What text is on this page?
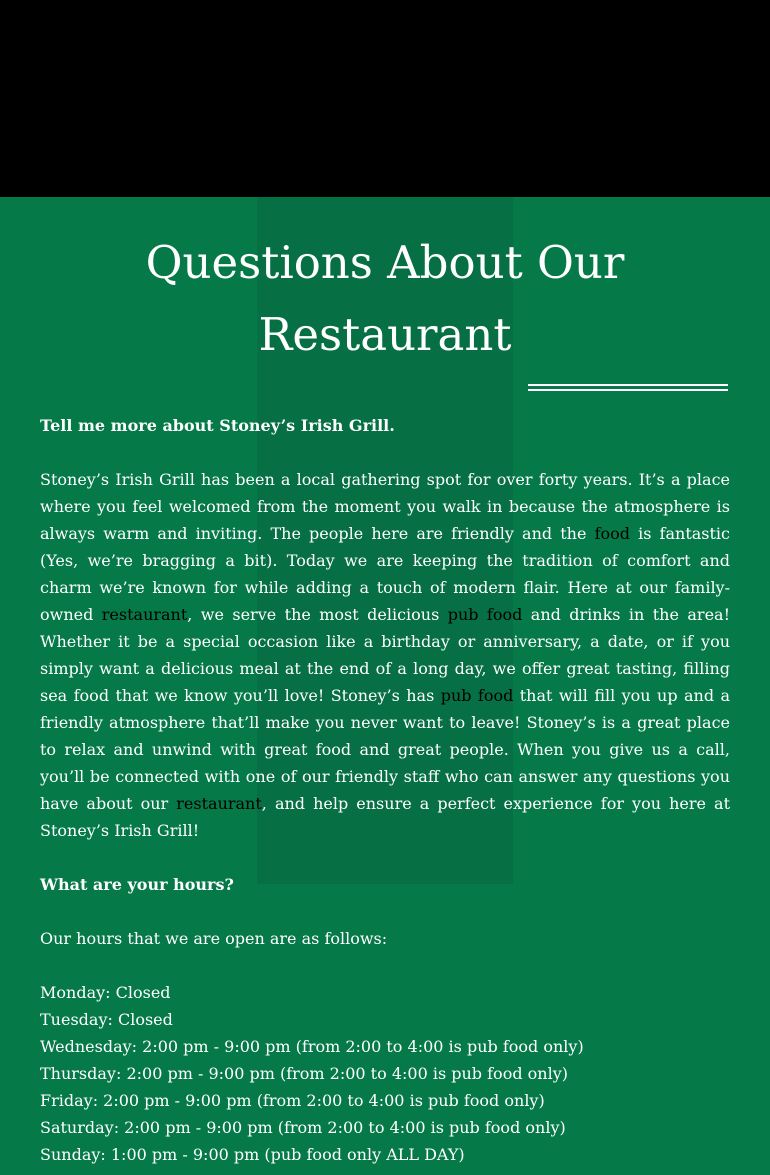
Questions About Our
Restaurant

Tell me more about Stoney’s Irish Grill.

Stoney’s Irish Grill has been a local gathering spot for over forty years. It’s a place where you feel welcomed from the moment you walk in because the atmosphere is always warm and inviting. The people here are friendly and the food is fantastic (Yes, we’re bragging a bit). Today we are keeping the tradition of comfort and charm we’re known for while adding a touch of modern flair. Here at our family-owned restaurant, we serve the most delicious pub food and drinks in the area! Whether it be a special occasion like a birthday or anniversary, a date, or if you simply want a delicious meal at the end of a long day, we offer great tasting, filling sea food that we know you’ll love! Stoney’s has pub food that will fill you up and a friendly atmosphere that’ll make you never want to leave! Stoney’s is a great place to relax and unwind with great food and great people. When you give us a call, you’ll be connected with one of our friendly staff who can answer any questions you have about our restaurant, and help ensure a perfect experience for you here at Stoney’s Irish Grill!

What are your hours?

Our hours that we are open are as follows:

Monday: Closed

Tuesday: Closed

Wednesday: 2:00 pm - 9:00 pm (from 2:00 to 4:00 is pub food only)

Thursday: 2:00 pm - 9:00 pm (from 2:00 to 4:00 is pub food only)

Friday: 2:00 pm - 9:00 pm (from 2:00 to 4:00 is pub food only)

Saturday: 2:00 pm - 9:00 pm (from 2:00 to 4:00 is pub food only)

Sunday: 1:00 pm - 9:00 pm (pub food only ALL DAY)
